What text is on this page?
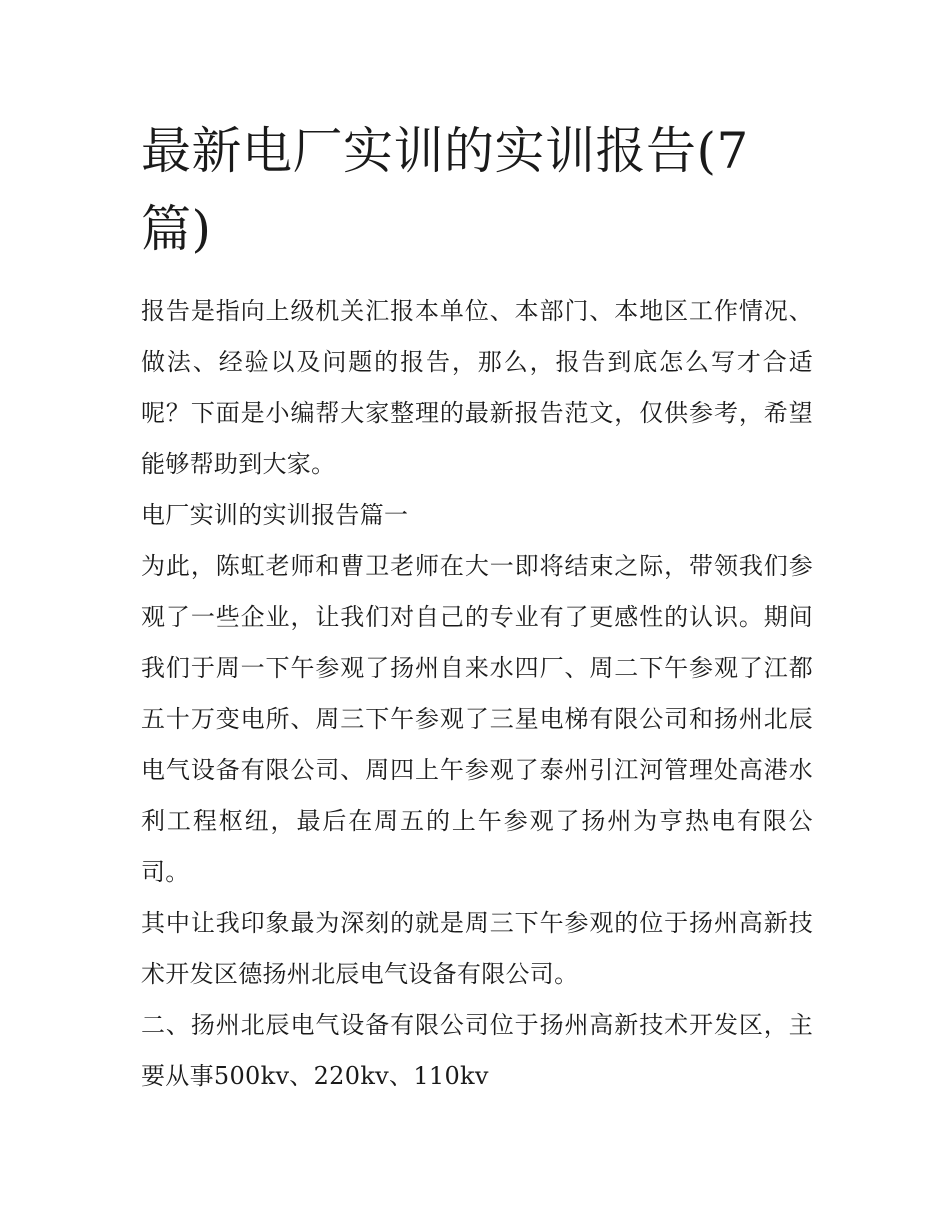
最新电厂实训的实训报告(7篇)

报告是指向上级机关汇报本单位、本部门、本地区工作情况、做法、经验以及问题的报告，那么，报告到底怎么写才合适呢？下面是小编帮大家整理的最新报告范文，仅供参考，希望能够帮助到大家。

电厂实训的实训报告篇一

为此，陈虹老师和曹卫老师在大一即将结束之际，带领我们参观了一些企业，让我们对自己的专业有了更感性的认识。期间我们于周一下午参观了扬州自来水四厂、周二下午参观了江都五十万变电所、周三下午参观了三星电梯有限公司和扬州北辰电气设备有限公司、周四上午参观了泰州引江河管理处高港水利工程枢纽，最后在周五的上午参观了扬州为亨热电有限公司。

其中让我印象最为深刻的就是周三下午参观的位于扬州高新技术开发区德扬州北辰电气设备有限公司。

二、扬州北辰电气设备有限公司位于扬州高新技术开发区，主要从事500kv、220kv、110kv
